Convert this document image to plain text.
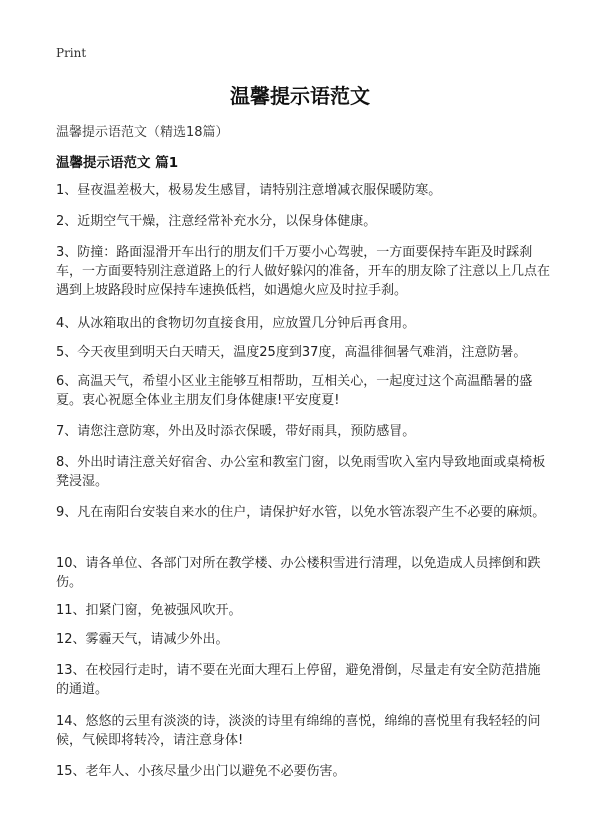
Print
温馨提示语范文
温馨提示语范文（精选18篇）
温馨提示语范文 篇1
1、昼夜温差极大，极易发生感冒，请特别注意增减衣服保暖防寒。
2、近期空气干燥，注意经常补充水分，以保身体健康。
3、防撞：路面湿滑开车出行的朋友们千万要小心驾驶，一方面要保持车距及时踩刹车，一方面要特别注意道路上的行人做好躲闪的准备，开车的朋友除了注意以上几点在遇到上坡路段时应保持车速换低档，如遇熄火应及时拉手刹。
4、从冰箱取出的食物切勿直接食用，应放置几分钟后再食用。
5、今天夜里到明天白天晴天，温度25度到37度，高温徘徊暑气难消，注意防暑。
6、高温天气，希望小区业主能够互相帮助，互相关心，一起度过这个高温酷暑的盛夏。衷心祝愿全体业主朋友们身体健康!平安度夏!
7、请您注意防寒，外出及时添衣保暖，带好雨具，预防感冒。
8、外出时请注意关好宿舍、办公室和教室门窗，以免雨雪吹入室内导致地面或桌椅板凳浸湿。
9、凡在南阳台安装自来水的住户，请保护好水管，以免水管冻裂产生不必要的麻烦。
10、请各单位、各部门对所在教学楼、办公楼积雪进行清理，以免造成人员摔倒和跌伤。
11、扣紧门窗，免被强风吹开。
12、雾霾天气，请减少外出。
13、在校园行走时，请不要在光面大理石上停留，避免滑倒，尽量走有安全防范措施的通道。
14、悠悠的云里有淡淡的诗，淡淡的诗里有绵绵的喜悦，绵绵的喜悦里有我轻轻的问候，气候即将转冷，请注意身体!
15、老年人、小孩尽量少出门以避免不必要伤害。
